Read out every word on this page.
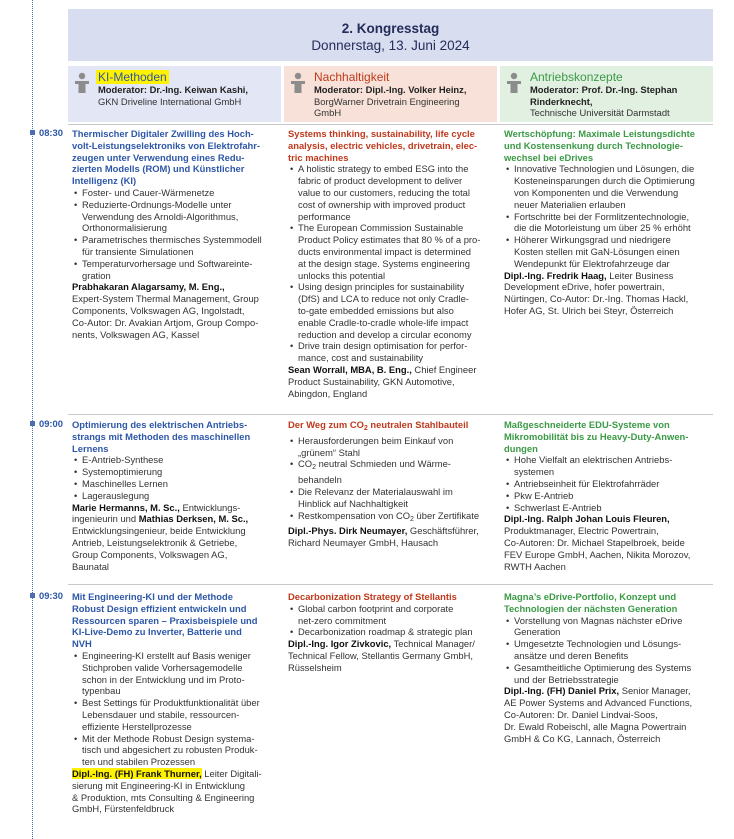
2. Kongresstag
Donnerstag, 13. Juni 2024
KI-Methoden
Moderator: Dr.-Ing. Keiwan Kashi,
GKN Driveline International GmbH
Nachhaltigkeit
Moderator: Dipl.-Ing. Volker Heinz,
BorgWarner Drivetrain Engineering
GmbH
Antriebskonzepte
Moderator: Prof. Dr.-Ing. Stephan Rinderknecht,
Technische Universität Darmstadt
08:30
09:00
09:30
Thermischer Digitaler Zwilling des Hoch-
volt-Leistungselektroniks von Elektrofahr-
zeugen unter Verwendung eines Redu-
zierten Modells (ROM) und Künstlicher
Intelligenz (KI)
• Foster- und Cauer-Wärmenetze
• Reduzierte-Ordnungs-Modelle unter
Verwendung des Arnoldi-Algorithmus,
Orthonormalisierung
• Parametrisches thermisches Systemmodell
für transiente Simulationen
• Temperaturvorhersage und Softwareinte-
gration
Prabhakaran Alagarsamy, M. Eng.,
Expert-System Thermal Management, Group
Components, Volkswagen AG, Ingolstadt,
Co-Autor: Dr. Avakian Artjom, Group Compo-
nents, Volkswagen AG, Kassel
Systems thinking, sustainability, life cycle
analysis, electric vehicles, drivetrain, elec-
tric machines
• A holistic strategy to embed ESG into the
fabric of product development to deliver
value to our customers, reducing the total
cost of ownership with improved product
performance
• The European Commission Sustainable
Product Policy estimates that 80 % of a pro-
ducts environmental impact is determined
at the design stage. Systems engineering
unlocks this potential
• Using design principles for sustainability
(DfS) and LCA to reduce not only Cradle-
to-gate embedded emissions but also
enable Cradle-to-cradle whole-life impact
reduction and develop a circular economy
• Drive train design optimisation for perfor-
mance, cost and sustainability
Sean Worrall, MBA, B. Eng., Chief Engineer
Product Sustainability, GKN Automotive,
Abingdon, England
Wertschöpfung: Maximale Leistungsdichte
und Kostensenkung durch Technologie-
wechsel bei eDrives
• Innovative Technologien und Lösungen, die
Kosteneinsparungen durch die Optimierung
von Komponenten und die Verwendung
neuer Materialien erlauben
• Fortschritte bei der Formlitzentechnologie,
die die Motorleistung um über 25 % erhöht
• Höherer Wirkungsgrad und niedrigere
Kosten stellen mit GaN-Lösungen einen
Wendepunkt für Elektrofahrzeuge dar
Dipl.-Ing. Fredrik Haag, Leiter Business
Development eDrive, hofer powertrain,
Nürtingen, Co-Autor: Dr.-Ing. Thomas Hackl,
Hofer AG, St. Ulrich bei Steyr, Österreich
Optimierung des elektrischen Antriebs-
strangs mit Methoden des maschinellen
Lernens
• E-Antrieb-Synthese
• Systemoptimierung
• Maschinelles Lernen
• Lagerauslegung
Marie Hermanns, M. Sc., Entwicklungs-
ingenieurin und Mathias Derksen, M. Sc.,
Entwicklungsingenieur, beide Entwicklung
Antrieb, Leistungselektronik & Getriebe,
Group Components, Volkswagen AG,
Baunatal
Der Weg zum $CO_2$ neutralen Stahlbauteil
• Herausforderungen beim Einkauf von
„grünem“ Stahl
• $CO_2$ neutral Schmieden und Wärme-
behandeln
• Die Relevanz der Materialauswahl im
Hinblick auf Nachhaltigkeit
• Restkompensation von $CO_2$ über Zertifikate
Dipl.-Phys. Dirk Neumayer, Geschäftsführer,
Richard Neumayer GmbH, Hausach
Maßgeschneiderte EDU-Systeme von
Mikromobilität bis zu Heavy-Duty-Anwen-
dungen
• Hohe Vielfalt an elektrischen Antriebs-
systemen
• Antriebseinheit für Elektrofahrräder
• Pkw E-Antrieb
• Schwerlast E-Antrieb
Dipl.-Ing. Ralph Johan Louis Fleuren,
Produktmanager, Electric Powertrain,
Co-Autoren: Dr. Michael Stapelbroek, beide
FEV Europe GmbH, Aachen, Nikita Morozov,
RWTH Aachen
Mit Engineering-KI und der Methode
Robust Design effizient entwickeln und
Ressourcen sparen – Praxisbeispiele und
KI-Live-Demo zu Inverter, Batterie und
NVH
• Engineering-KI erstellt auf Basis weniger
Stichproben valide Vorhersagemodelle
schon in der Entwicklung und im Proto-
typenbau
• Best Settings für Produktfunktionalität über
Lebensdauer und stabile, ressourcen-
effiziente Herstellprozesse
• Mit der Methode Robust Design systema-
tisch und abgesichert zu robusten Produk-
ten und stabilen Prozessen
Dipl.-Ing. (FH) Frank Thurner, Leiter Digitali-
sierung mit Engineering-KI in Entwicklung
& Produktion, mts Consulting & Engineering
GmbH, Fürstenfeldbruck
Decarbonization Strategy of Stellantis
• Global carbon footprint and corporate
net-zero commitment
• Decarbonization roadmap & strategic plan
Dipl.-Ing. Igor Zivkovic, Technical Manager/
Technical Fellow, Stellantis Germany GmbH,
Rüsselsheim
Magna’s eDrive-Portfolio, Konzept und
Technologien der nächsten Generation
• Vorstellung von Magnas nächster eDrive
Generation
• Umgesetzte Technologien und Lösungs-
ansätze und deren Benefits
• Gesamtheitliche Optimierung des Systems
und der Betriebsstrategie
Dipl.-Ing. (FH) Daniel Prix, Senior Manager,
AE Power Systems and Advanced Functions,
Co-Autoren: Dr. Daniel Lindvai-Soos,
Dr. Ewald Robeischl, alle Magna Powertrain
GmbH & Co KG, Lannach, Österreich
